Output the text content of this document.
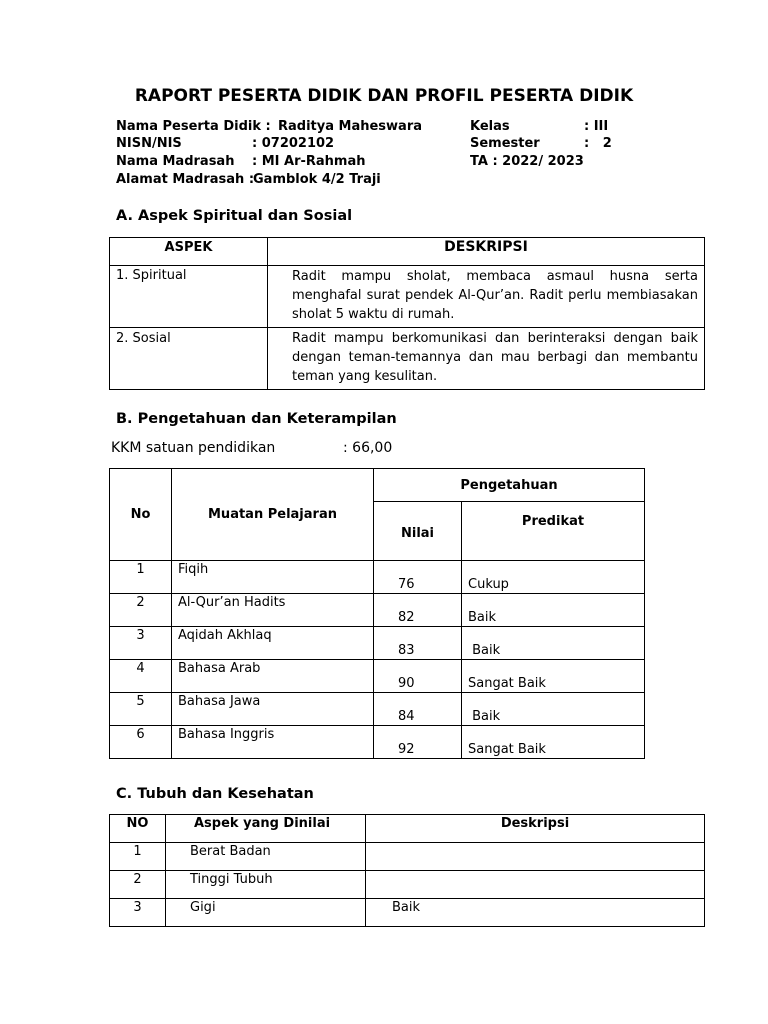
RAPORT PESERTA DIDIK DAN PROFIL PESERTA DIDIK
Nama Peserta Didik : Raditya Maheswara
NISN/NIS	: 07202102
Nama Madrasah : MI Ar-Rahmah
Alamat Madrasah :
Gamblok 4/2 Traji
Kelas	: III
Semester	:   2
TA : 2022/ 2023
A. Aspek Spiritual dan Sosial
ASPEK	DESKRIPSI
1. Spiritual	Radit mampu sholat, membaca asmaul husna serta menghafal surat pendek Al-Qur’an. Radit perlu membiasakan sholat 5 waktu di rumah.
2. Sosial	Radit mampu berkomunikasi dan berinteraksi dengan baik dengan teman-temannya dan mau berbagi dan membantu teman yang kesulitan.
B. Pengetahuan dan Keterampilan
KKM satuan pendidikan	: 66,00
No	Muatan Pelajaran	Pengetahuan	
		Nilai	Predikat
1	Fiqih	76	Cukup
2	Al-Qur’an Hadits	82	Baik
3	Aqidah Akhlaq	83	Baik
4	Bahasa Arab	90	Sangat Baik
5	Bahasa Jawa	84	Baik
6	Bahasa Inggris	92	Sangat Baik
C. Tubuh dan Kesehatan
NO	Aspek yang Dinilai	Deskripsi
1	Berat Badan	
2	Tinggi Tubuh	
3	Gigi	Baik
